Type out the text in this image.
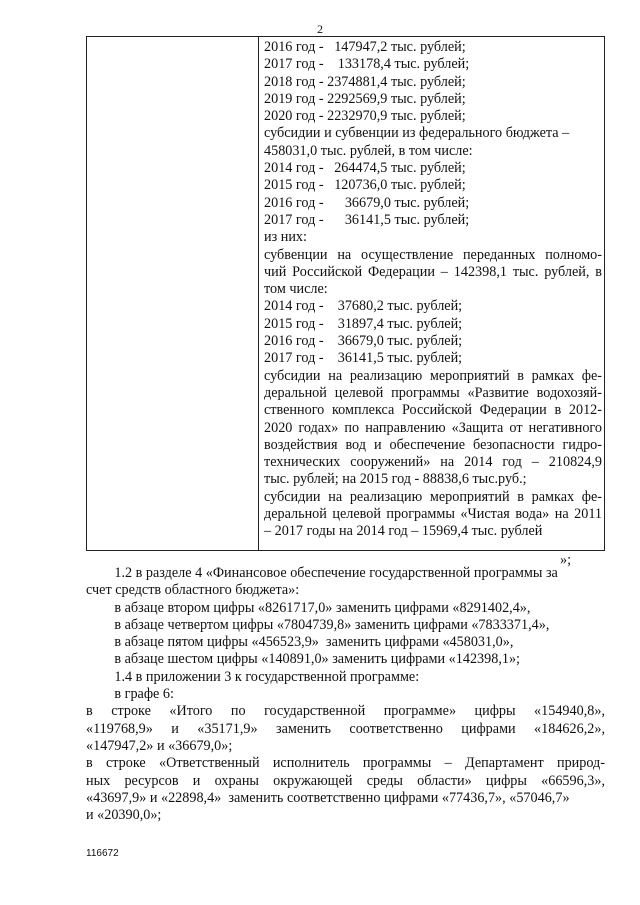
2
2016 год -   147947,2 тыс. рублей;
2017 год -    133178,4 тыс. рублей;
2018 год - 2374881,4 тыс. рублей;
2019 год - 2292569,9 тыс. рублей;
2020 год - 2232970,9 тыс. рублей;
субсидии и субвенции из федерального бюджета –
458031,0 тыс. рублей, в том числе:
2014 год -   264474,5 тыс. рублей;
2015 год -   120736,0 тыс. рублей;
2016 год -      36679,0 тыс. рублей;
2017 год -      36141,5 тыс. рублей;
из них:
субвенции на осуществление переданных полномо-
чий Российской Федерации – 142398,1 тыс. рублей, в
том числе:
2014 год -    37680,2 тыс. рублей;
2015 год -    31897,4 тыс. рублей;
2016 год -    36679,0 тыс. рублей;
2017 год -    36141,5 тыс. рублей;
субсидии на реализацию мероприятий в рамках фе-
деральной целевой программы «Развитие водохозяй-
ственного комплекса Российской Федерации в 2012-
2020 годах» по направлению «Защита от негативного
воздействия вод и обеспечение безопасности гидро-
технических сооружений» на 2014 год – 210824,9
тыс. рублей; на 2015 год - 88838,6 тыс.руб.;
субсидии на реализацию мероприятий в рамках фе-
деральной целевой программы «Чистая вода» на 2011
– 2017 годы на 2014 год – 15969,4 тыс. рублей
»;
1.2 в разделе 4 «Финансовое обеспечение государственной программы за
счет средств областного бюджета»:
в абзаце втором цифры «8261717,0» заменить цифрами «8291402,4»,
в абзаце четвертом цифры «7804739,8» заменить цифрами «7833371,4»,
в абзаце пятом цифры «456523,9»  заменить цифрами «458031,0»,
в абзаце шестом цифры «140891,0» заменить цифрами «142398,1»;
1.4 в приложении 3 к государственной программе:
в графе 6:
в строке «Итого по государственной программе» цифры «154940,8»,
«119768,9» и «35171,9» заменить соответственно цифрами «184626,2»,
«147947,2» и «36679,0»;
в строке «Ответственный исполнитель программы – Департамент природ-
ных ресурсов и охраны окружающей среды области» цифры «66596,3»,
«43697,9» и «22898,4»  заменить соответственно цифрами «77436,7», «57046,7»
и «20390,0»;
116672
